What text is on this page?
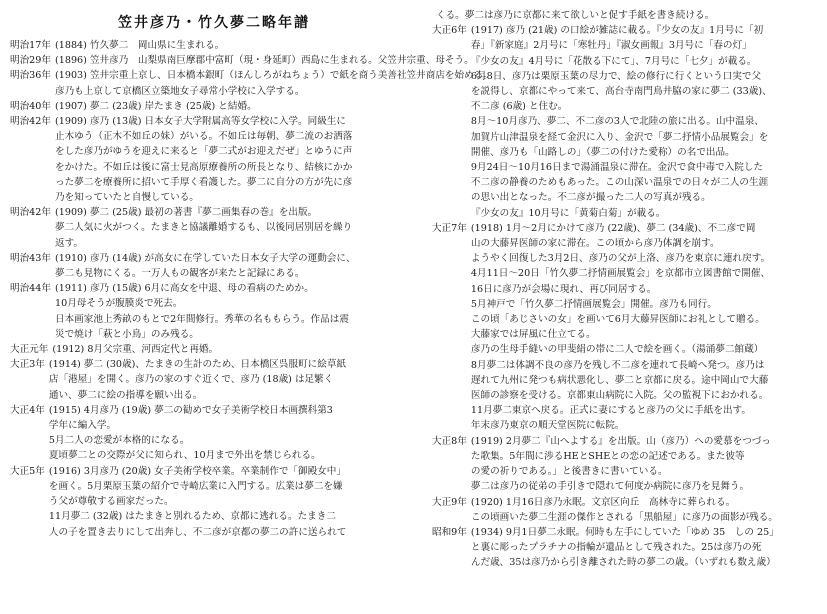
笠井彦乃・竹久夢二略年譜
明治17年 (1884) 竹久夢二　岡山県に生まれる。
明治29年 (1896) 笠井彦乃　山梨県南巨摩郡中富町（現・身延町）西島に生まれる。父笠井宗重、母そう。
明治36年 (1903) 笠井宗重上京し、日本橋本銀町（ほんしろがねちょう）で紙を商う美善社笠井商店を始める。
彦乃も上京して京橋区立築地女子尋常小学校に入学する。
明治40年 (1907) 夢二 (23歳) 岸たまき (25歳) と結婚。
明治42年 (1909) 彦乃 (13歳) 日本女子大学附属高等女学校に入学。同級生に
止木ゆう（正木不如丘の妹）がいる。不如丘は毎朝、夢二流のお洒落
をした彦乃がゆうを迎えに来ると「夢二式がお迎えだぜ」とゆうに声
をかけた。不如丘は後に富士見高原療養所の所長となり、結核にかか
った夢二を療養所に招いて手厚く看護した。夢二に自分の方が先に彦
乃を知っていたと自慢している。
明治42年 (1909) 夢二 (25歳) 最初の著書『夢二画集春の巻』を出版。
夢二人気に火がつく。たまきと協議離婚するも、以後同居別居を繰り
返す。
明治43年 (1910) 彦乃 (14歳) が高女に在学していた日本女子大学の運動会に、
夢二も見物にくる。一万人もの観客が来たと記録にある。
明治44年 (1911) 彦乃 (15歳) 6月に高女を中退、母の看病のためか。
10月母そうが腹膜炎で死去。
日本画家池上秀畝のもとで2年間修行。秀華の名ももらう。作品は震
災で焼け「萩と小鳥」のみ残る。
大正元年 (1912) 8月父宗重、河西定代と再婚。
大正3年 (1914) 夢二 (30歳)、たまきの生計のため、日本橋区呉服町に絵草紙
店「港屋」を開く。彦乃の家のすぐ近くで、彦乃 (18歳) は足繁く
通い、夢二に絵の指導を願い出る。
大正4年 (1915) 4月彦乃 (19歳) 夢二の勧めで女子美術学校日本画撰科第3
学年に編入学。
5月二人の恋愛が本格的になる。
夏頃夢二との交際が父に知られ、10月まで外出を禁じられる。
大正5年 (1916) 3月彦乃 (20歳) 女子美術学校卒業。卒業制作で「御殿女中」
を画く。5月栗原玉葉の紹介で寺崎広業に入門する。広業は夢二を嫌
う父が尊敬する画家だった。
11月夢二 (32歳) はたまきと別れるため、京都に逃れる。たまき二
人の子を置き去りにして出奔し、不二彦が京都の夢二の許に送られて
くる。夢二は彦乃に京都に来て欲しいと促す手紙を書き続ける。
大正6年 (1917) 彦乃 (21歳) の口絵が雑誌に載る。『少女の友』1月号に「初
春」『新家庭』2月号に「寒牡丹」『淑女画報』3月号に「春の灯」
『少女の友』4月号に「花散る下にて」、7月号に「七夕」が載る。
6月8日、彦乃は栗原玉葉の尽力で、絵の修行に行くという口実で父
を説得し、京都にやって来て、高台寺南門鳥井脇の家に夢二 (33歳)、
不二彦 (6歳) と住む。
8月〜10月彦乃、夢二、不二彦の3人で北陸の旅に出る。山中温泉、
加賀片山津温泉を経て金沢に入り、金沢で「夢二抒情小品展覧会」を
開催、彦乃も「山路しの」（夢二の付けた愛称）の名で出品。
9月24日〜10月16日まで湯涌温泉に滞在。金沢で食中毒で入院した
不二彦の静養のためもあった。この山深い温泉での日々が二人の生涯
の思い出となった。不二彦が撮った二人の写真が残る。
『少女の友』10月号に「黄菊白菊」が載る。
大正7年 (1918) 1月〜2月にかけて彦乃 (22歳)、夢二 (34歳)、不二彦で岡
山の大藤昇医師の家に滞在。この頃から彦乃体調を崩す。
ようやく回復した3月2日、彦乃の父が上洛、彦乃を東京に連れ戻す。
4月11日〜20日「竹久夢二抒情画展覧会」を京都市立図書館で開催、
16日に彦乃が会場に現れ、再び同居する。
5月神戸で「竹久夢二抒情画展覧会」開催。彦乃も同行。
この頃「あじさいの女」を画いて6月大藤昇医師にお礼として贈る。
大藤家では屏風に仕立てる。
彦乃の生母手縫いの甲斐絹の帯に二人で絵を画く。（湯涌夢二館蔵）
8月夢二は体調不良の彦乃を残し不二彦を連れて長崎へ発つ。彦乃は
遅れて九州に発つも病状悪化し、夢二と京都に戻る。途中岡山で大藤
医師の診察を受ける。京都東山病院に入院。父の監視下におかれる。
11月夢二東京へ戻る。正式に妻にすると彦乃の父に手紙を出す。
年末彦乃東京の順天堂医院に転院。
大正8年 (1919) 2月夢二『山へよする』を出版。山（彦乃）への愛慕をつづっ
た歌集。5年間に渉るHEとSHEとの恋の記述である。また彼等
の愛の祈りである。」と後書きに書いている。
夢二は彦乃の従弟の手引きで隠れて何度か病院に彦乃を見舞う。
大正9年 (1920) 1月16日彦乃永眠。文京区向丘　高林寺に葬られる。
この頃画いた夢二生涯の傑作とされる「黒船屋」に彦乃の面影が残る。
昭和9年 (1934) 9月1日夢二永眠。何時も左手にしていた「ゆめ 35　しの 25」
と裏に彫ったプラチナの指輪が遺品として残された。25は彦乃の死
んだ歳、35は彦乃から引き離された時の夢二の歳。（いずれも数え歳）
